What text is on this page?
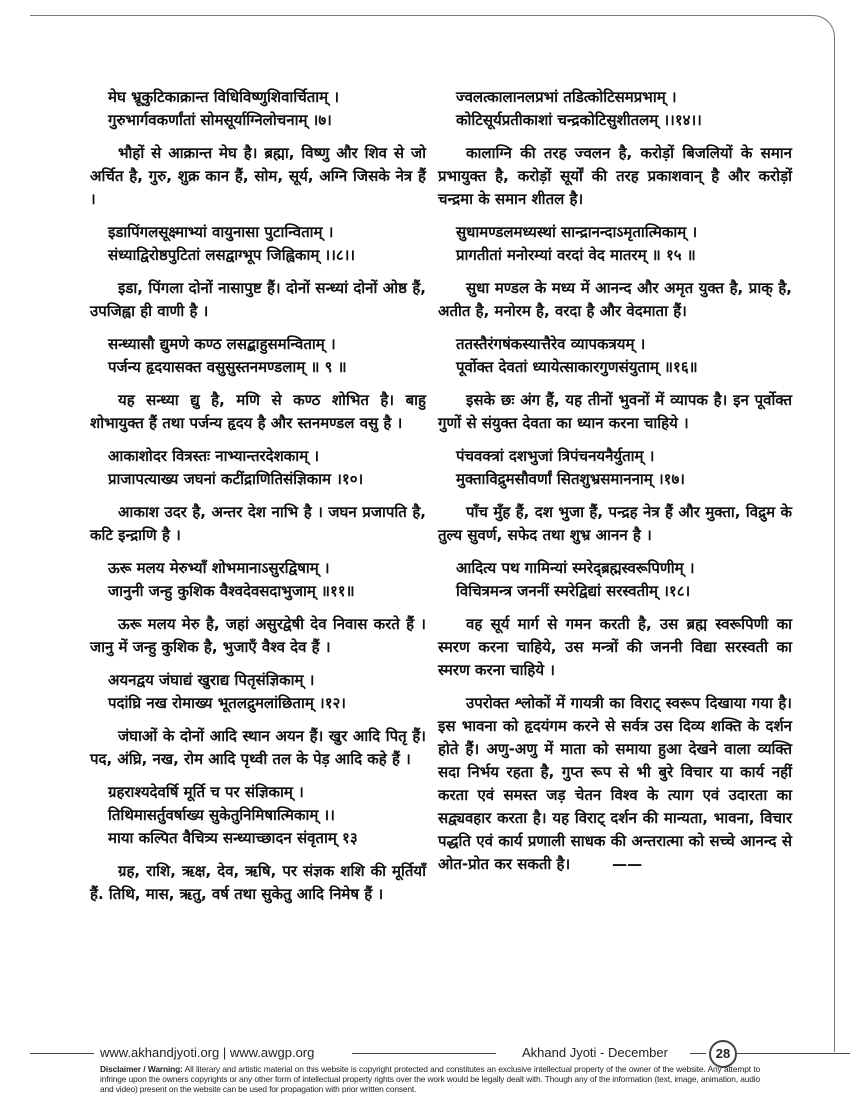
मेघ भ्रूकुटिकाक्रान्त विधिविष्णुशिवार्चिताम् ।
गुरुभार्गवकर्णांतां सोमसूर्याग्निलोचनाम् ।७।
भौहों से आक्रान्त मेघ है। ब्रह्मा, विष्णु और शिव से जो अर्चित है, गुरु, शुक्र कान हैं, सोम, सूर्य, अग्नि जिसके नेत्र हैं ।
इडापिंगलसूक्ष्माभ्यां वायुनासा पुटान्विताम् ।
संध्याद्विरोष्ठपुटितां लसद्वाग्भूप जिह्विकाम् ।।८।।
इडा, पिंगला दोनों नासापुष्ट हैं। दोनों सन्ध्यां दोनों ओष्ठ हैं, उपजिह्वा ही वाणी है ।
सन्ध्यासौ द्युमणे कण्ठ लसद्बाहुसमन्विताम् ।
पर्जन्य हृदयासक्त वसुसुस्तनमण्डलाम् ॥ ९ ॥
यह सन्ध्या द्यु है, मणि से कण्ठ शोभित है। बाहु शोभायुक्त हैं तथा पर्जन्य हृदय है और स्तनमण्डल वसु है ।
आकाशोदर वित्रस्तः नाभ्यान्तरदेशकाम् ।
प्राजापत्याख्य जघनां कटींद्राणितिसंज्ञिकाम ।१०।
आकाश उदर है, अन्तर देश नाभि है । जघन प्रजापति है, कटि इन्द्राणि है ।
ऊरू मलय मेरुभ्याँ शोभमानाऽसुरद्विषाम् ।
जानुनी जन्हु कुशिक वैश्वदेवसदाभुजाम् ॥११॥
ऊरू मलय मेरु है, जहां असुरद्वेषी देव निवास करते हैं । जानु में जन्हु कुशिक है, भुजाएँ वैश्व देव हैं ।
अयनद्वय जंघाद्यं खुराद्य पितृसंज्ञिकाम् ।
पदांघ्रि नख रोमाख्य भूतलद्रुमलांछिताम् ।१२।
जंघाओं के दोनों आदि स्थान अयन हैं। खुर आदि पितृ हैं। पद, अंघ्रि, नख, रोम आदि पृथ्वी तल के पेड़ आदि कहे हैं ।
ग्रहराश्यदेवर्षि मूर्ति च पर संज्ञिकाम् ।
तिथिमासर्तुवर्षाख्य सुकेतुनिमिषात्मिकाम् ।।
माया कल्पित वैचित्र्य सन्ध्याच्छादन संवृताम् १३
ग्रह, राशि, ऋक्ष, देव, ऋषि, पर संज्ञक शशि की मूर्तियाँ हैं. तिथि, मास, ऋतु, वर्ष तथा सुकेतु आदि निमेष हैं ।
ज्वलत्कालानलप्रभां तडित्कोटिसमप्रभाम् ।
कोटिसूर्यप्रतीकाशां चन्द्रकोटिसुशीतलम् ।।१४।।
कालाग्नि की तरह ज्वलन है, करोड़ों बिजलियों के समान प्रभायुक्त है, करोड़ों सूर्यों की तरह प्रकाशवान् है और करोड़ों चन्द्रमा के समान शीतल है।
सुधामण्डलमध्यस्थां सान्द्रानन्दाऽमृतात्मिकाम् ।
प्रागतीतां मनोरम्यां वरदां वेद मातरम् ॥ १५ ॥
सुधा मण्डल के मध्य में आनन्द और अमृत युक्त है, प्राक् है, अतीत है, मनोरम है, वरदा है और वेदमाता हैं।
ततस्तैरंगषंकस्यात्तैरेव व्यापकत्रयम् ।
पूर्वोक्त देवतां ध्यायेत्साकारगुणसंयुताम् ॥१६॥
इसके छः अंग हैं, यह तीनों भुवनों में व्यापक है। इन पूर्वोक्त गुणों से संयुक्त देवता का ध्यान करना चाहिये ।
पंचवक्त्रां दशभुजां त्रिपंचनयनैर्युताम् ।
मुक्ताविद्रुमसौवर्णां सितशुभ्रसमाननाम् ।१७।
पाँच मुँह हैं, दश भुजा हैं, पन्द्रह नेत्र हैं और मुक्ता, विद्रुम के तुल्य सुवर्ण, सफेद तथा शुभ्र आनन है ।
आदित्य पथ गामिन्यां स्मरेद्ब्रह्मस्वरूपिणीम् ।
विचित्रमन्त्र जननीं स्मरेद्विद्यां सरस्वतीम् ।१८।
वह सूर्य मार्ग से गमन करती है, उस ब्रह्म स्वरूपिणी का स्मरण करना चाहिये, उस मन्त्रों की जननी विद्या सरस्वती का स्मरण करना चाहिये ।
उपरोक्त श्लोकों में गायत्री का विराट् स्वरूप दिखाया गया है। इस भावना को हृदयंगम करने से सर्वत्र उस दिव्य शक्ति के दर्शन होते हैं। अणु-अणु में माता को समाया हुआ देखने वाला व्यक्ति सदा निर्भय रहता है, गुप्त रूप से भी बुरे विचार या कार्य नहीं करता एवं समस्त जड़ चेतन विश्व के त्याग एवं उदारता का सद्व्यवहार करता है। यह विराट् दर्शन की मान्यता, भावना, विचार पद्धति एवं कार्य प्रणाली साधक की अन्तरात्मा को सच्चे आनन्द से ओत-प्रोत कर सकती है।	——
www.akhandjyoti.org | www.awgp.org	Akhand Jyoti - December	28
Disclaimer / Warning: All literary and artistic material on this website is copyright protected and constitutes an exclusive intellectual property of the owner of the website. Any attempt to infringe upon the owners copyrights or any other form of intellectual property rights over the work would be legally dealt with. Though any of the information (text, image, animation, audio and video) present on the website can be used for propagation with prior written consent.
